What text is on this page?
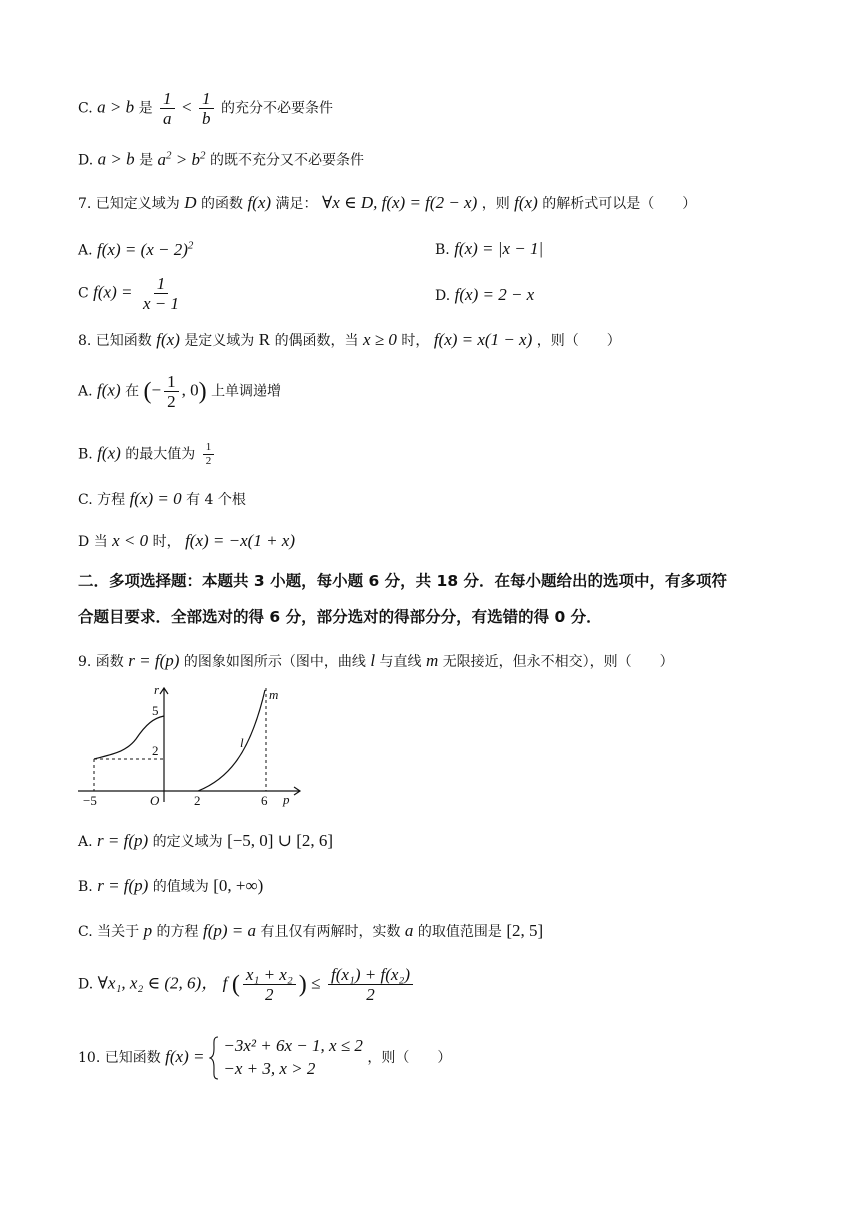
C. a > b 是 $\frac{1}{a} < \frac{1}{b}$ 的充分不必要条件
D. a > b 是 $a^2 > b^2$ 的既不充分又不必要条件
7. 已知定义域为 D 的函数 f(x) 满足： ∀x ∈ D, f(x) = f(2 − x) ，则 f(x) 的解析式可以是（　　）
A. $f(x) = (x - 2)^2$	B. f(x) = |x − 1|
C $f(x) = \frac{1}{x - 1}$	D. f(x) = 2 − x
8. 已知函数 f(x) 是定义域为 R 的偶函数，当 x ≥ 0 时， f(x) = x(1 − x) ，则（　　）
A. f(x) 在 (− $\frac{1}{2}$ , 0) 上单调递增
B. f(x) 的最大值为 $\frac{1}{2}$
C. 方程 f(x) = 0 有 4 个根
D 当 x < 0 时， f(x) = −x(1 + x)
二．多项选择题：本题共 3 小题，每小题 6 分，共 18 分．在每小题给出的选项中，有多项符
合题目要求．全部选对的得 6 分，部分选对的得部分分，有选错的得 0 分．
9. 函数 r = f(p) 的图象如图所示（图中，曲线 l 与直线 m 无限接近，但永不相交），则（　　）
r
p
5
2
−5	O	2	6
l
m
A. r = f(p) 的定义域为 [−5, 0] ∪ [2, 6]
B. r = f(p) 的值域为 [0, +∞)
C. 当关于 p 的方程 f(p) = a 有且仅有两解时，实数 a 的取值范围是 [2, 5]
D. ∀x₁, x₂ ∈ (2, 6)， f ( $\frac{\text{x₁ + x₂}}{2}$ ) ≤ $\frac{\text{f(x₁) + f(x₂)}}{2}$
10. 已知函数 f(x) =

−3x² + 6x − 1, x ≤ 2
−x + 3, x > 2
，则（　　）
